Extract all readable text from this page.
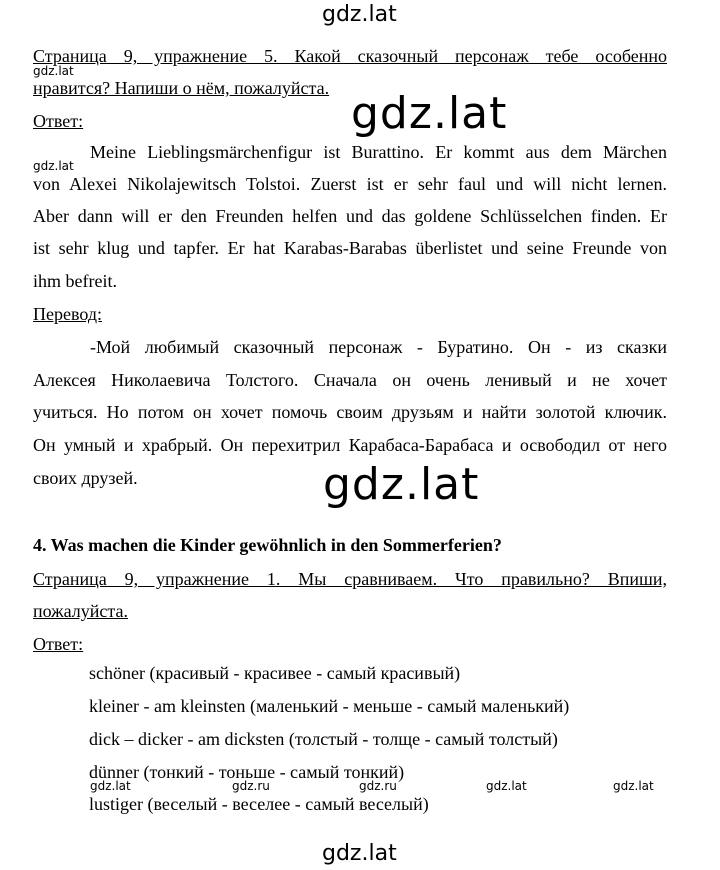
gdz.lat
gdz.lat
gdz.lat
gdz.lat
gdz.lat
Страница 9, упражнение 5. Какой сказочный персонаж тебе особенно
нравится? Напиши о нём, пожалуйста.
Ответ:
Meine Lieblingsmärchenfigur ist Burattino. Er kommt aus dem Märchen
von Alexei Nikolajewitsch Tolstoi. Zuerst ist er sehr faul und will nicht lernen.
Aber dann will er den Freunden helfen und das goldene Schlüsselchen finden. Er
ist sehr klug und tapfer. Er hat Karabas-Barabas überlistet und seine Freunde von
ihm befreit.
Перевод:
-Мой любимый сказочный персонаж - Буратино. Он - из сказки
Алексея Николаевича Толстого. Сначала он очень ленивый и не хочет
учиться. Но потом он хочет помочь своим друзьям и найти золотой ключик.
Он умный и храбрый. Он перехитрил Карабаса-Барабаса и освободил от него
своих друзей.
4. Was machen die Kinder gewöhnlich in den Sommerferien?
Страница 9, упражнение 1. Мы сравниваем. Что правильно? Впиши,
пожалуйста.
Ответ:
schöner (красивый - красивее - самый красивый)
kleiner - am kleinsten (маленький - меньше - самый маленький)
dick – dicker - am dicksten (толстый - толще - самый толстый)
dünner (тонкий - тоньше - самый тонкий)
lustiger (веселый - веселее - самый веселый)
gdz.lat	gdz.ru	gdz.ru	gdz.lat	gdz.lat
gdz.lat
